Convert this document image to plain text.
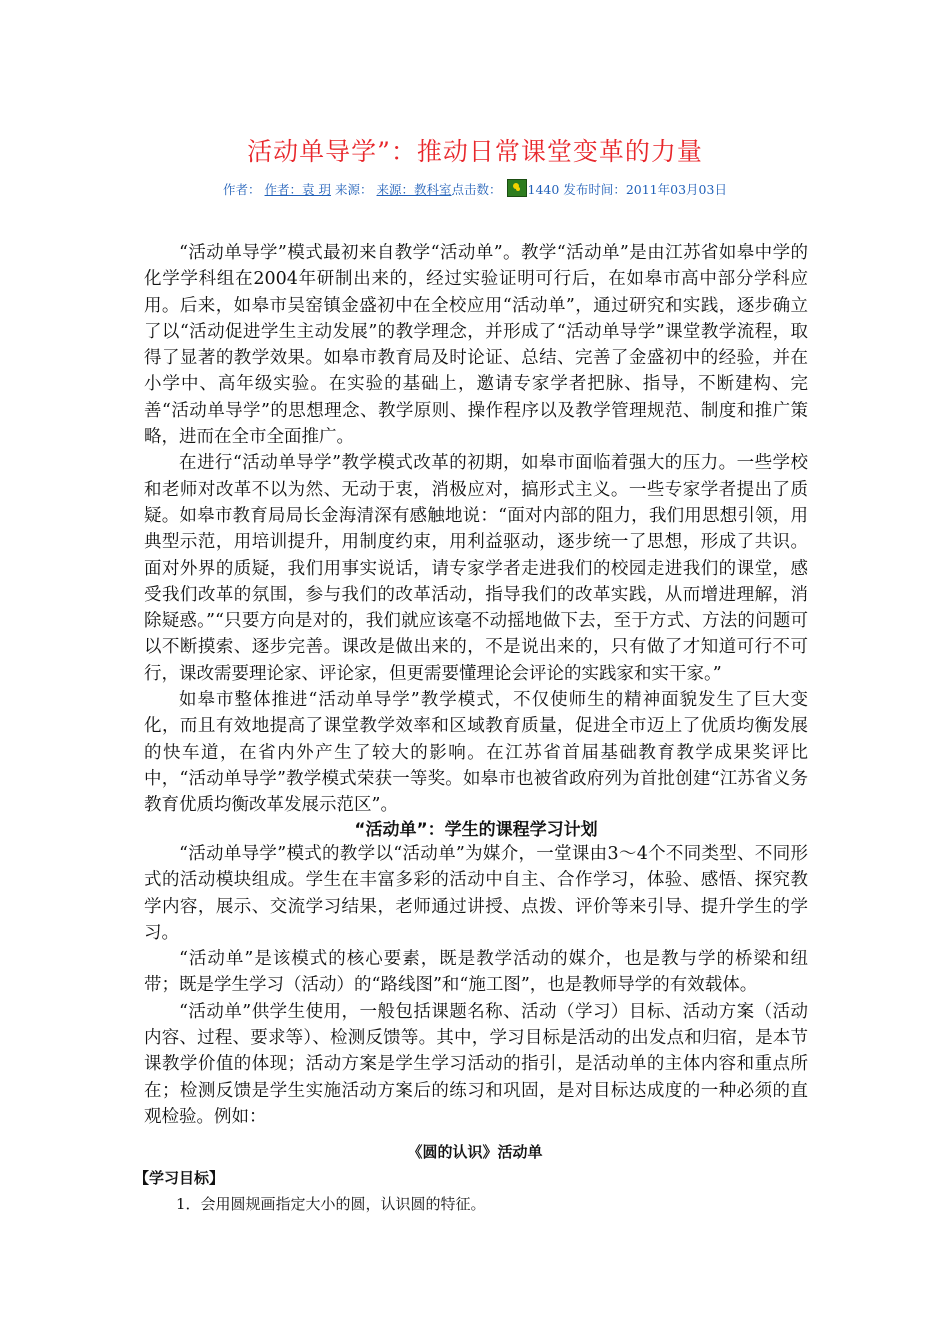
活动单导学”：推动日常课堂变革的力量
作者： 作者：袁 玥 来源： 来源：教科室点击数： 1440 发布时间：2011年03月03日

“活动单导学”模式最初来自教学“活动单”。教学“活动单”是由江苏省如皋中学的化学学科组在2004年研制出来的，经过实验证明可行后，在如皋市高中部分学科应用。后来，如皋市吴窑镇金盛初中在全校应用“活动单”，通过研究和实践，逐步确立了以“活动促进学生主动发展”的教学理念，并形成了“活动单导学”课堂教学流程，取得了显著的教学效果。如皋市教育局及时论证、总结、完善了金盛初中的经验，并在小学中、高年级实验。在实验的基础上，邀请专家学者把脉、指导，不断建构、完善“活动单导学”的思想理念、教学原则、操作程序以及教学管理规范、制度和推广策略，进而在全市全面推广。

在进行“活动单导学”教学模式改革的初期，如皋市面临着强大的压力。一些学校和老师对改革不以为然、无动于衷，消极应对，搞形式主义。一些专家学者提出了质疑。如皋市教育局局长金海清深有感触地说：“面对内部的阻力，我们用思想引领，用典型示范，用培训提升，用制度约束，用利益驱动，逐步统一了思想，形成了共识。面对外界的质疑，我们用事实说话，请专家学者走进我们的校园走进我们的课堂，感受我们改革的氛围，参与我们的改革活动，指导我们的改革实践，从而增进理解，消除疑惑。”“只要方向是对的，我们就应该毫不动摇地做下去，至于方式、方法的问题可以不断摸索、逐步完善。课改是做出来的，不是说出来的，只有做了才知道可行不可行，课改需要理论家、评论家，但更需要懂理论会评论的实践家和实干家。”

如皋市整体推进“活动单导学”教学模式，不仅使师生的精神面貌发生了巨大变化，而且有效地提高了课堂教学效率和区域教育质量，促进全市迈上了优质均衡发展的快车道，在省内外产生了较大的影响。在江苏省首届基础教育教学成果奖评比中，“活动单导学”教学模式荣获一等奖。如皋市也被省政府列为首批创建“江苏省义务教育优质均衡改革发展示范区”。

“活动单”：学生的课程学习计划

“活动单导学”模式的教学以“活动单”为媒介，一堂课由3～4个不同类型、不同形式的活动模块组成。学生在丰富多彩的活动中自主、合作学习，体验、感悟、探究教学内容，展示、交流学习结果，老师通过讲授、点拨、评价等来引导、提升学生的学习。

“活动单”是该模式的核心要素，既是教学活动的媒介，也是教与学的桥梁和纽带；既是学生学习（活动）的“路线图”和“施工图”，也是教师导学的有效载体。

“活动单”供学生使用，一般包括课题名称、活动（学习）目标、活动方案（活动内容、过程、要求等）、检测反馈等。其中，学习目标是活动的出发点和归宿，是本节课教学价值的体现；活动方案是学生学习活动的指引，是活动单的主体内容和重点所在；检测反馈是学生实施活动方案后的练习和巩固，是对目标达成度的一种必须的直观检验。例如：

《圆的认识》活动单
【学习目标】
1．会用圆规画指定大小的圆，认识圆的特征。
